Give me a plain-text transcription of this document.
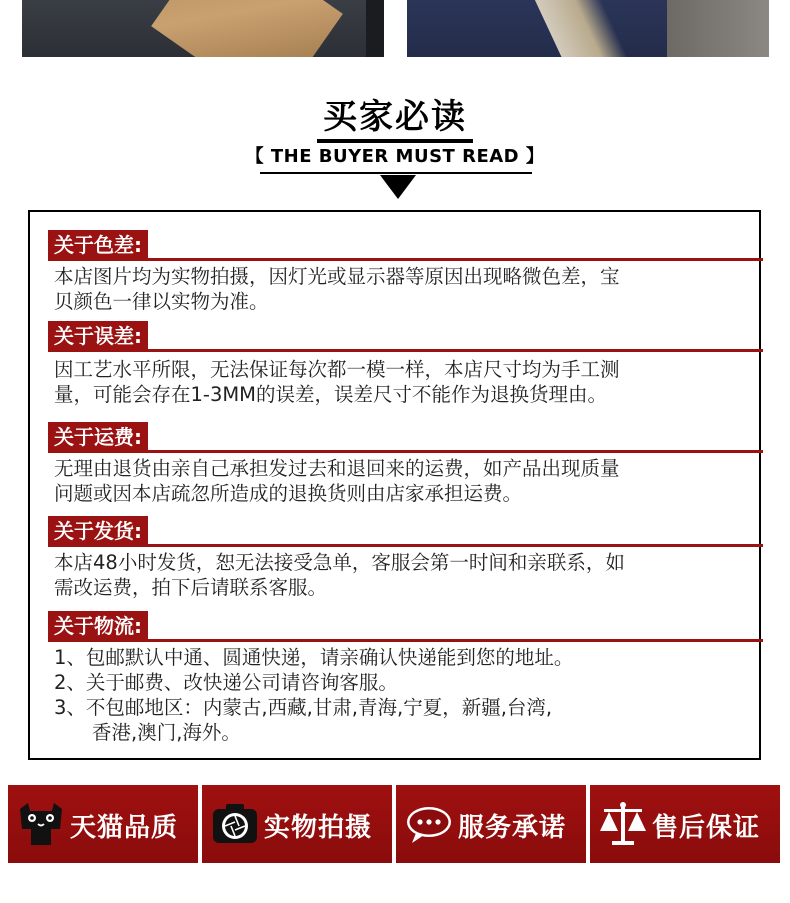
买家必读
【 THE BUYER MUST READ 】
关于色差:
本店图片均为实物拍摄，因灯光或显示器等原因出现略微色差，宝
贝颜色一律以实物为准。
关于误差:
因工艺水平所限，无法保证每次都一模一样，本店尺寸均为手工测
量，可能会存在1-3MM的误差，误差尺寸不能作为退换货理由。
关于运费:
无理由退货由亲自己承担发过去和退回来的运费，如产品出现质量
问题或因本店疏忽所造成的退换货则由店家承担运费。
关于发货:
本店48小时发货，恕无法接受急单，客服会第一时间和亲联系，如
需改运费，拍下后请联系客服。
关于物流:
1、包邮默认中通、圆通快递，请亲确认快递能到您的地址。
2、关于邮费、改快递公司请咨询客服。
3、不包邮地区：内蒙古,西藏,甘肃,青海,宁夏，新疆,台湾,
香港,澳门,海外。
天猫品质	实物拍摄	服务承诺	售后保证
